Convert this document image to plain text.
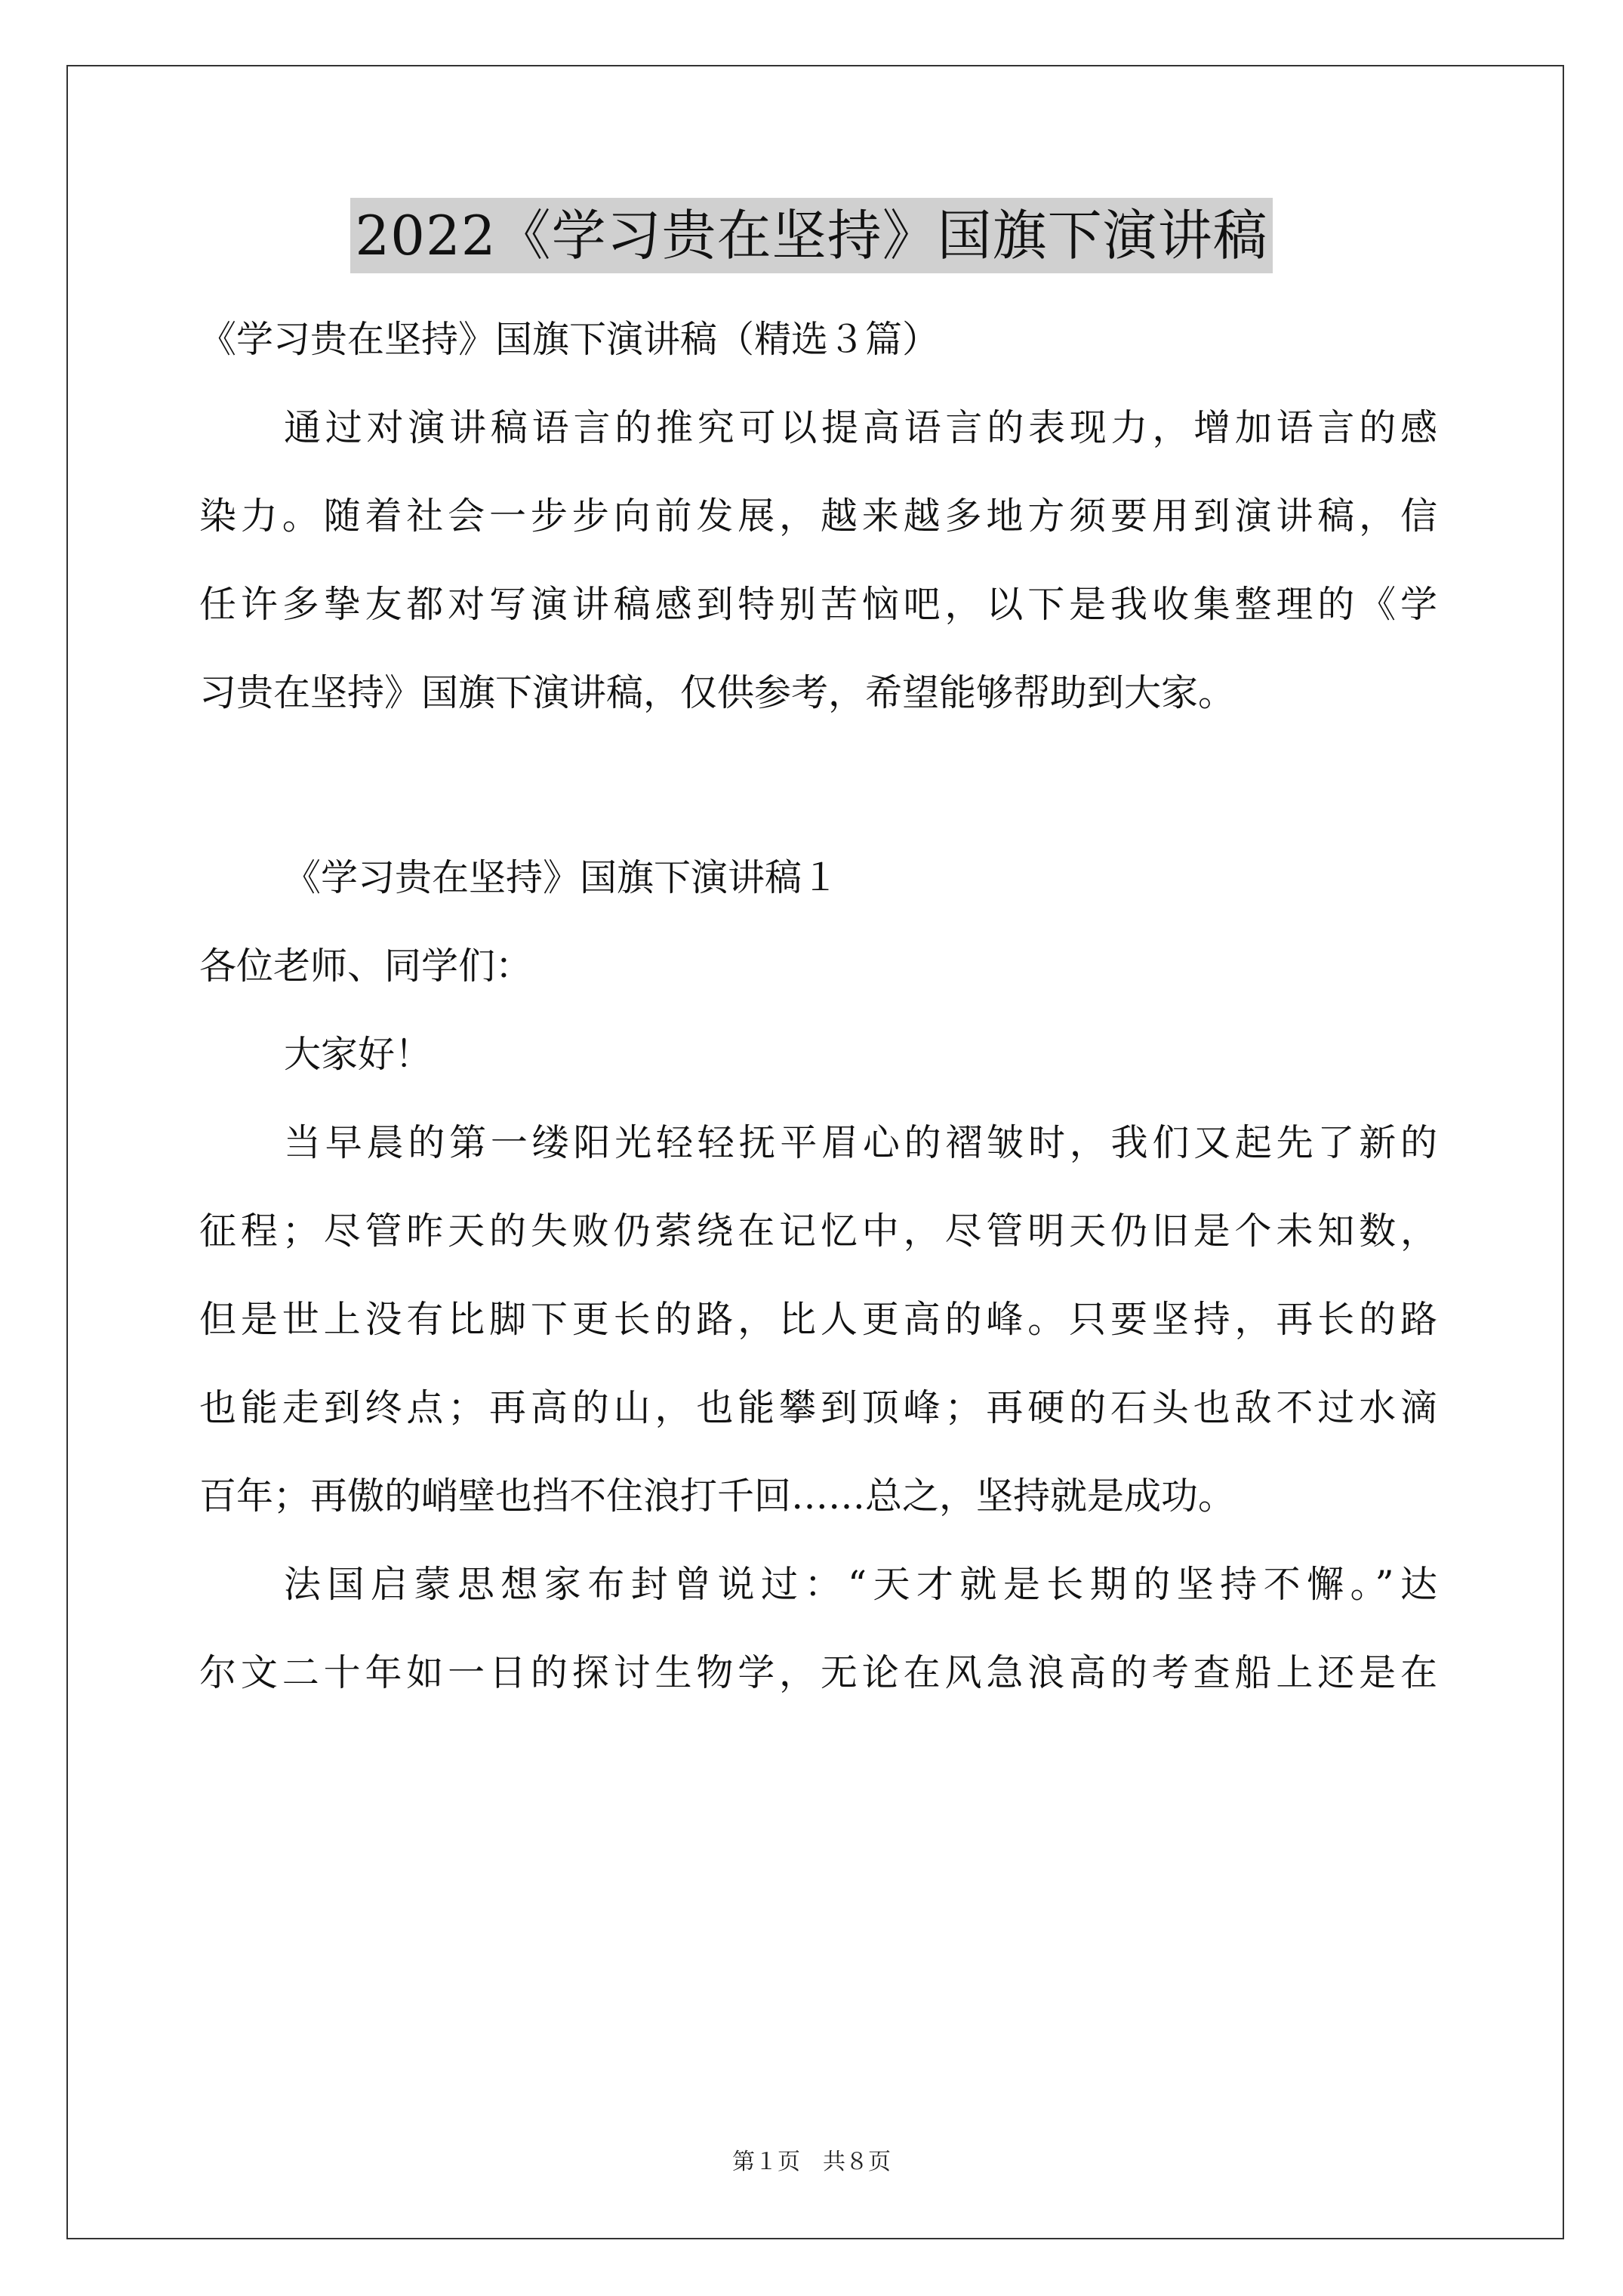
2022《学习贵在坚持》国旗下演讲稿
《学习贵在坚持》国旗下演讲稿（精选３篇）
通过对演讲稿语言的推究可以提高语言的表现力，增加语言的感
染力。随着社会一步步向前发展，越来越多地方须要用到演讲稿，信
任许多挚友都对写演讲稿感到特别苦恼吧，以下是我收集整理的《学
习贵在坚持》国旗下演讲稿，仅供参考，希望能够帮助到大家。
《学习贵在坚持》国旗下演讲稿１
各位老师、同学们：
大家好！
当早晨的第一缕阳光轻轻抚平眉心的褶皱时，我们又起先了新的
征程；尽管昨天的失败仍萦绕在记忆中，尽管明天仍旧是个未知数，
但是世上没有比脚下更长的路，比人更高的峰。只要坚持，再长的路
也能走到终点；再高的山，也能攀到顶峰；再硬的石头也敌不过水滴
百年；再傲的峭壁也挡不住浪打千回……总之，坚持就是成功。
法国启蒙思想家布封曾说过：“天才就是长期的坚持不懈。”达
尔文二十年如一日的探讨生物学，无论在风急浪高的考查船上还是在
第１页　共８页
